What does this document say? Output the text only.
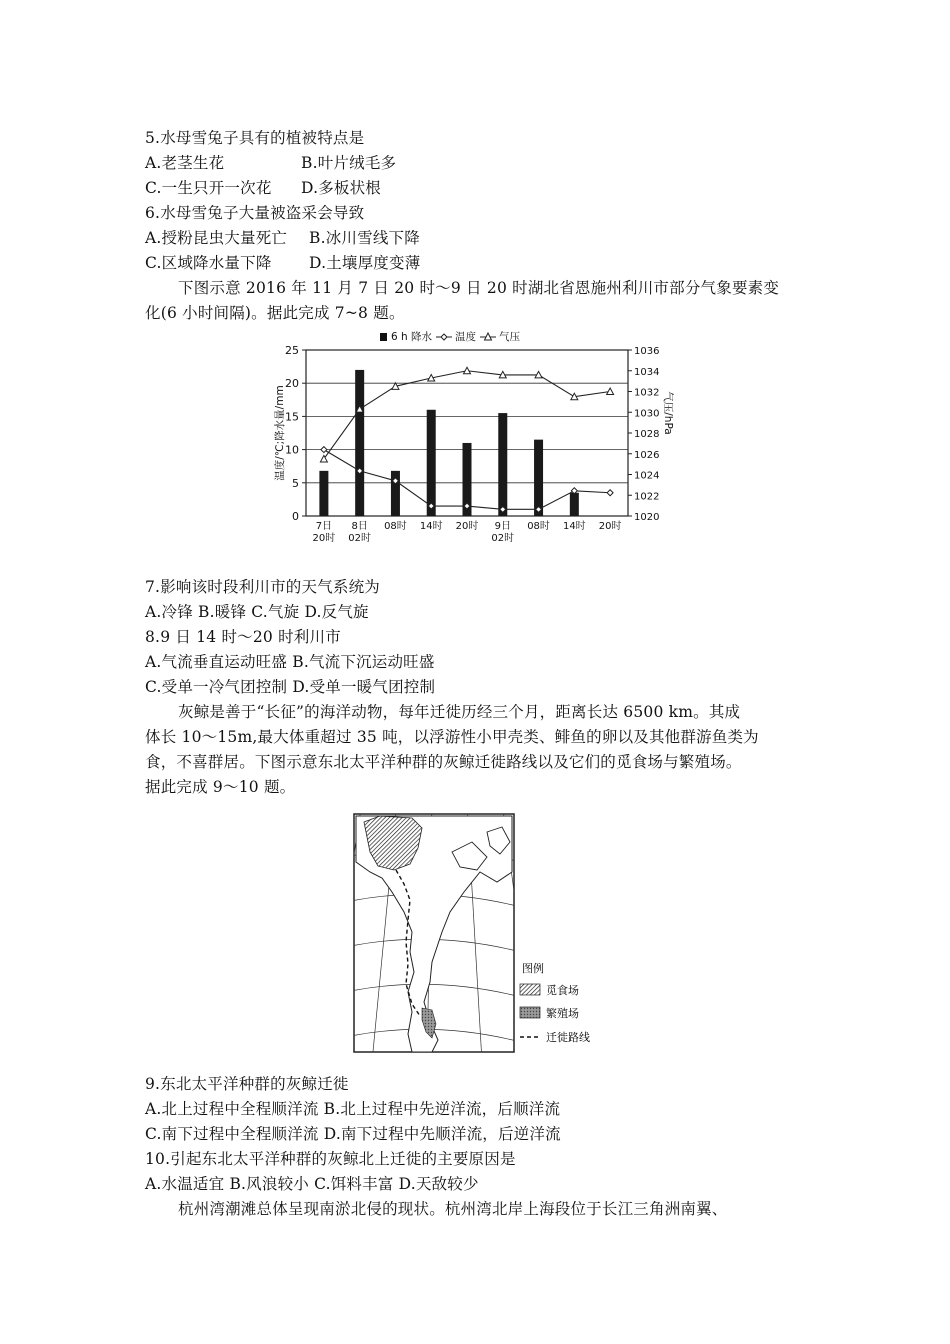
5.水母雪兔子具有的植被特点是
A.老茎生花	B.叶片绒毛多
C.一生只开一次花 D.多板状根
6.水母雪兔子大量被盗采会导致
A.授粉昆虫大量死亡 B.冰川雪线下降
C.区域降水量下降 D.土壤厚度变薄
下图示意 2016 年 11 月 7 日 20 时～9 日 20 时湖北省恩施州利川市部分气象要素变
化(6 小时间隔)。据此完成 7~8 题。
0
5
10
15
20
25
1020
1022
1024
1026
1028
1030
1032
1034
1036
7日
20时
8日
02时
08时 14时 20时 9日
02时
08时 14时 20时
6 h 降水 温度 气压
温度/℃;降水量/mm	气压/hPa
7.影响该时段利川市的天气系统为
A.冷锋 B.暖锋 C.气旋 D.反气旋
8.9 日 14 时～20 时利川市
A.气流垂直运动旺盛 B.气流下沉运动旺盛
C.受单一冷气团控制 D.受单一暖气团控制
灰鲸是善于“长征”的海洋动物，每年迁徙历经三个月，距离长达 6500 km。其成
体长 10～15m,最大体重超过 35 吨，以浮游性小甲壳类、鲱鱼的卵以及其他群游鱼类为
食，不喜群居。下图示意东北太平洋种群的灰鲸迁徙路线以及它们的觅食场与繁殖场。
据此完成 9～10 题。
图例
觅食场
繁殖场
迁徙路线
9.东北太平洋种群的灰鲸迁徙
A.北上过程中全程顺洋流 B.北上过程中先逆洋流，后顺洋流
C.南下过程中全程顺洋流 D.南下过程中先顺洋流，后逆洋流
10.引起东北太平洋种群的灰鲸北上迁徙的主要原因是
A.水温适宜 B.风浪较小 C.饵料丰富 D.天敌较少
杭州湾潮滩总体呈现南淤北侵的现状。杭州湾北岸上海段位于长江三角洲南翼、
